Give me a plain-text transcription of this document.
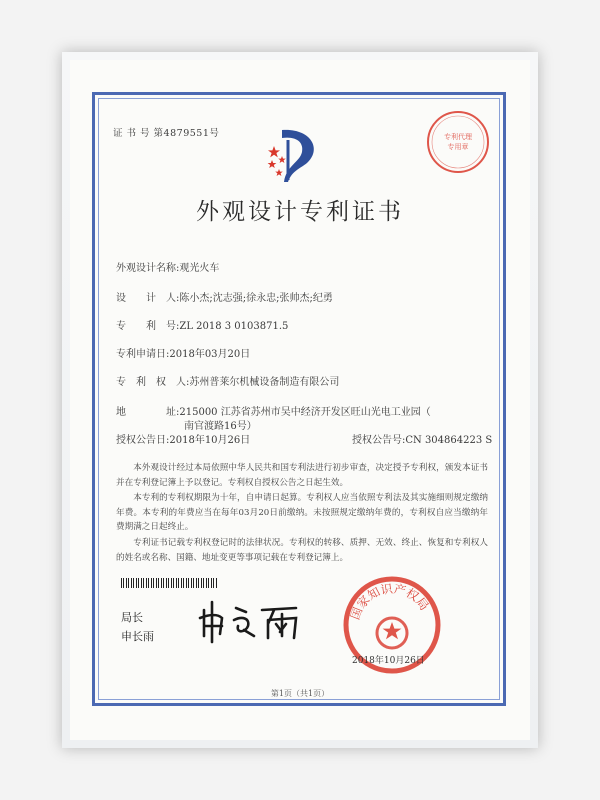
证 书 号 第4879551号
外观设计专利证书
专利代理
专用章
外观设计名称:观光火车
设　　计　人:陈小杰;沈志强;徐永忠;张帅杰;纪勇
专　　利　号:ZL 2018 3 0103871.5
专利申请日:2018年03月20日
专　利　权　人:苏州普莱尔机械设备制造有限公司
地　　　　址:215000 江苏省苏州市吴中经济开发区旺山光电工业园（
南官渡路16号）
授权公告日:2018年10月26日	授权公告号:CN 304864223 S

本外观设计经过本局依照中华人民共和国专利法进行初步审查，决定授予专利权，颁发本证书并在专利登记簿上予以登记。专利权自授权公告之日起生效。

本专利的专利权期限为十年，自申请日起算。专利权人应当依照专利法及其实施细则规定缴纳年费。本专利的年费应当在每年03月20日前缴纳。未按照规定缴纳年费的，专利权自应当缴纳年费期满之日起终止。

专利证书记载专利权登记时的法律状况。专利权的转移、质押、无效、终止、恢复和专利权人的姓名或名称、国籍、地址变更等事项记载在专利登记簿上。

局长
申长雨
国家知识产权局
2018年10月26日
第1页（共1页）
